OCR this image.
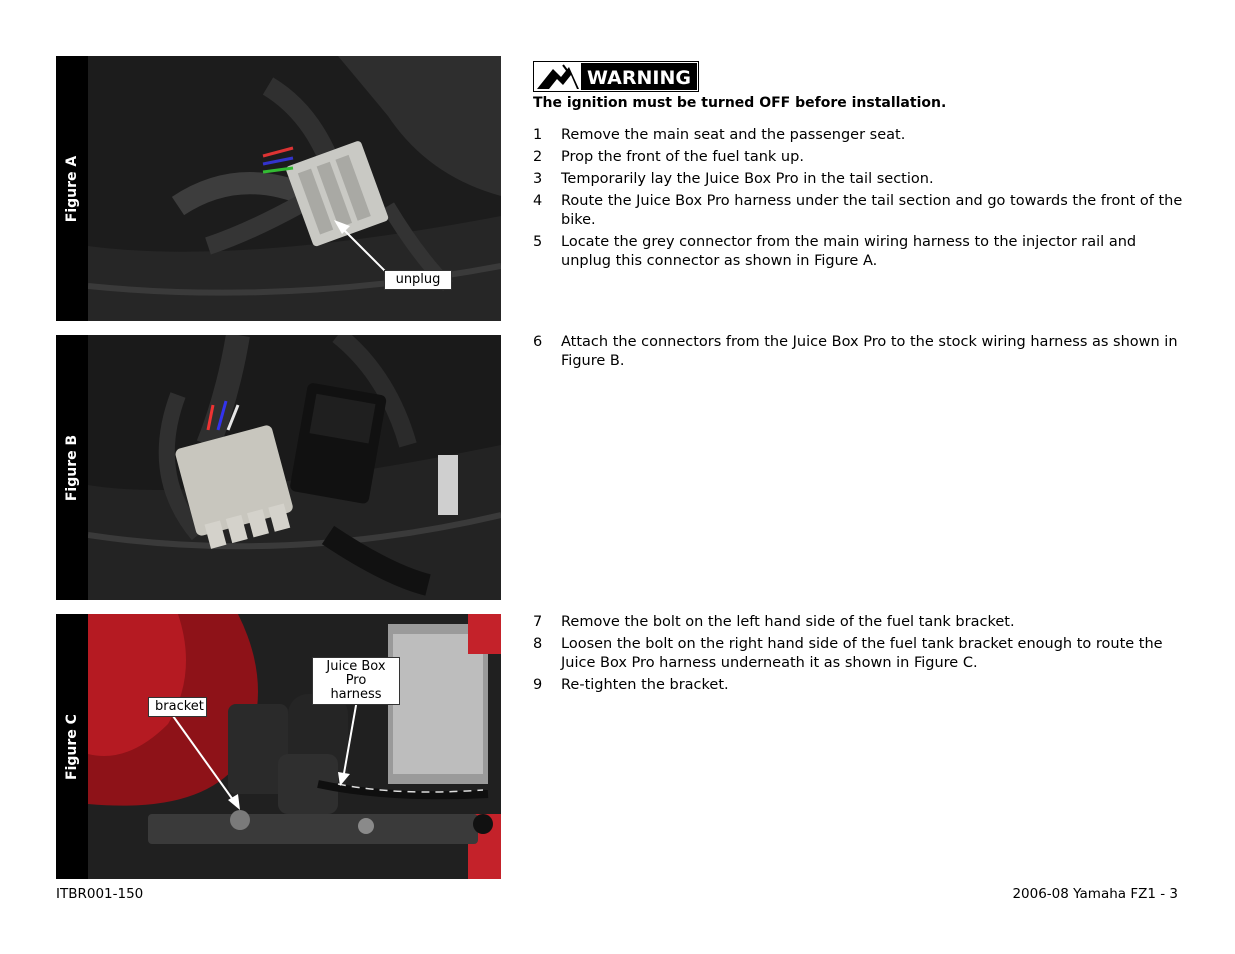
Figure A
unplug
Figure B
Figure C
Juice Box Pro harness
bracket
WARNING
The ignition must be turned OFF before installation.
1 Remove the main seat and the passenger seat.
2 Prop the front of the fuel tank up.
3 Temporarily lay the Juice Box Pro in the tail section.
4 Route the Juice Box Pro harness under the tail section and go towards the front of the bike.
5 Locate the grey connector from the main wiring harness to the injector rail and unplug this connector as shown in Figure A.
6 Attach the connectors from the Juice Box Pro to the stock wiring harness as shown in Figure B.
7 Remove the bolt on the left hand side of the fuel tank bracket.
8 Loosen the bolt on the right hand side of the fuel tank bracket enough to route the Juice Box Pro harness underneath it as shown in Figure C.
9 Re-tighten the bracket.
ITBR001-150	2006-08 Yamaha FZ1 - 3
